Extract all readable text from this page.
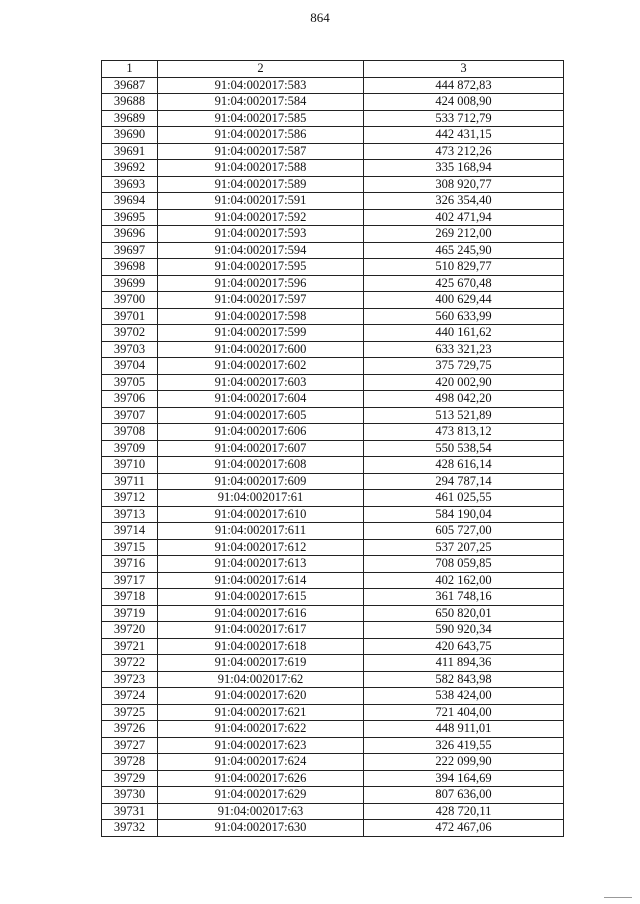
864
1	2	3
39687	91:04:002017:583	444 872,83
39688	91:04:002017:584	424 008,90
39689	91:04:002017:585	533 712,79
39690	91:04:002017:586	442 431,15
39691	91:04:002017:587	473 212,26
39692	91:04:002017:588	335 168,94
39693	91:04:002017:589	308 920,77
39694	91:04:002017:591	326 354,40
39695	91:04:002017:592	402 471,94
39696	91:04:002017:593	269 212,00
39697	91:04:002017:594	465 245,90
39698	91:04:002017:595	510 829,77
39699	91:04:002017:596	425 670,48
39700	91:04:002017:597	400 629,44
39701	91:04:002017:598	560 633,99
39702	91:04:002017:599	440 161,62
39703	91:04:002017:600	633 321,23
39704	91:04:002017:602	375 729,75
39705	91:04:002017:603	420 002,90
39706	91:04:002017:604	498 042,20
39707	91:04:002017:605	513 521,89
39708	91:04:002017:606	473 813,12
39709	91:04:002017:607	550 538,54
39710	91:04:002017:608	428 616,14
39711	91:04:002017:609	294 787,14
39712	91:04:002017:61	461 025,55
39713	91:04:002017:610	584 190,04
39714	91:04:002017:611	605 727,00
39715	91:04:002017:612	537 207,25
39716	91:04:002017:613	708 059,85
39717	91:04:002017:614	402 162,00
39718	91:04:002017:615	361 748,16
39719	91:04:002017:616	650 820,01
39720	91:04:002017:617	590 920,34
39721	91:04:002017:618	420 643,75
39722	91:04:002017:619	411 894,36
39723	91:04:002017:62	582 843,98
39724	91:04:002017:620	538 424,00
39725	91:04:002017:621	721 404,00
39726	91:04:002017:622	448 911,01
39727	91:04:002017:623	326 419,55
39728	91:04:002017:624	222 099,90
39729	91:04:002017:626	394 164,69
39730	91:04:002017:629	807 636,00
39731	91:04:002017:63	428 720,11
39732	91:04:002017:630	472 467,06
